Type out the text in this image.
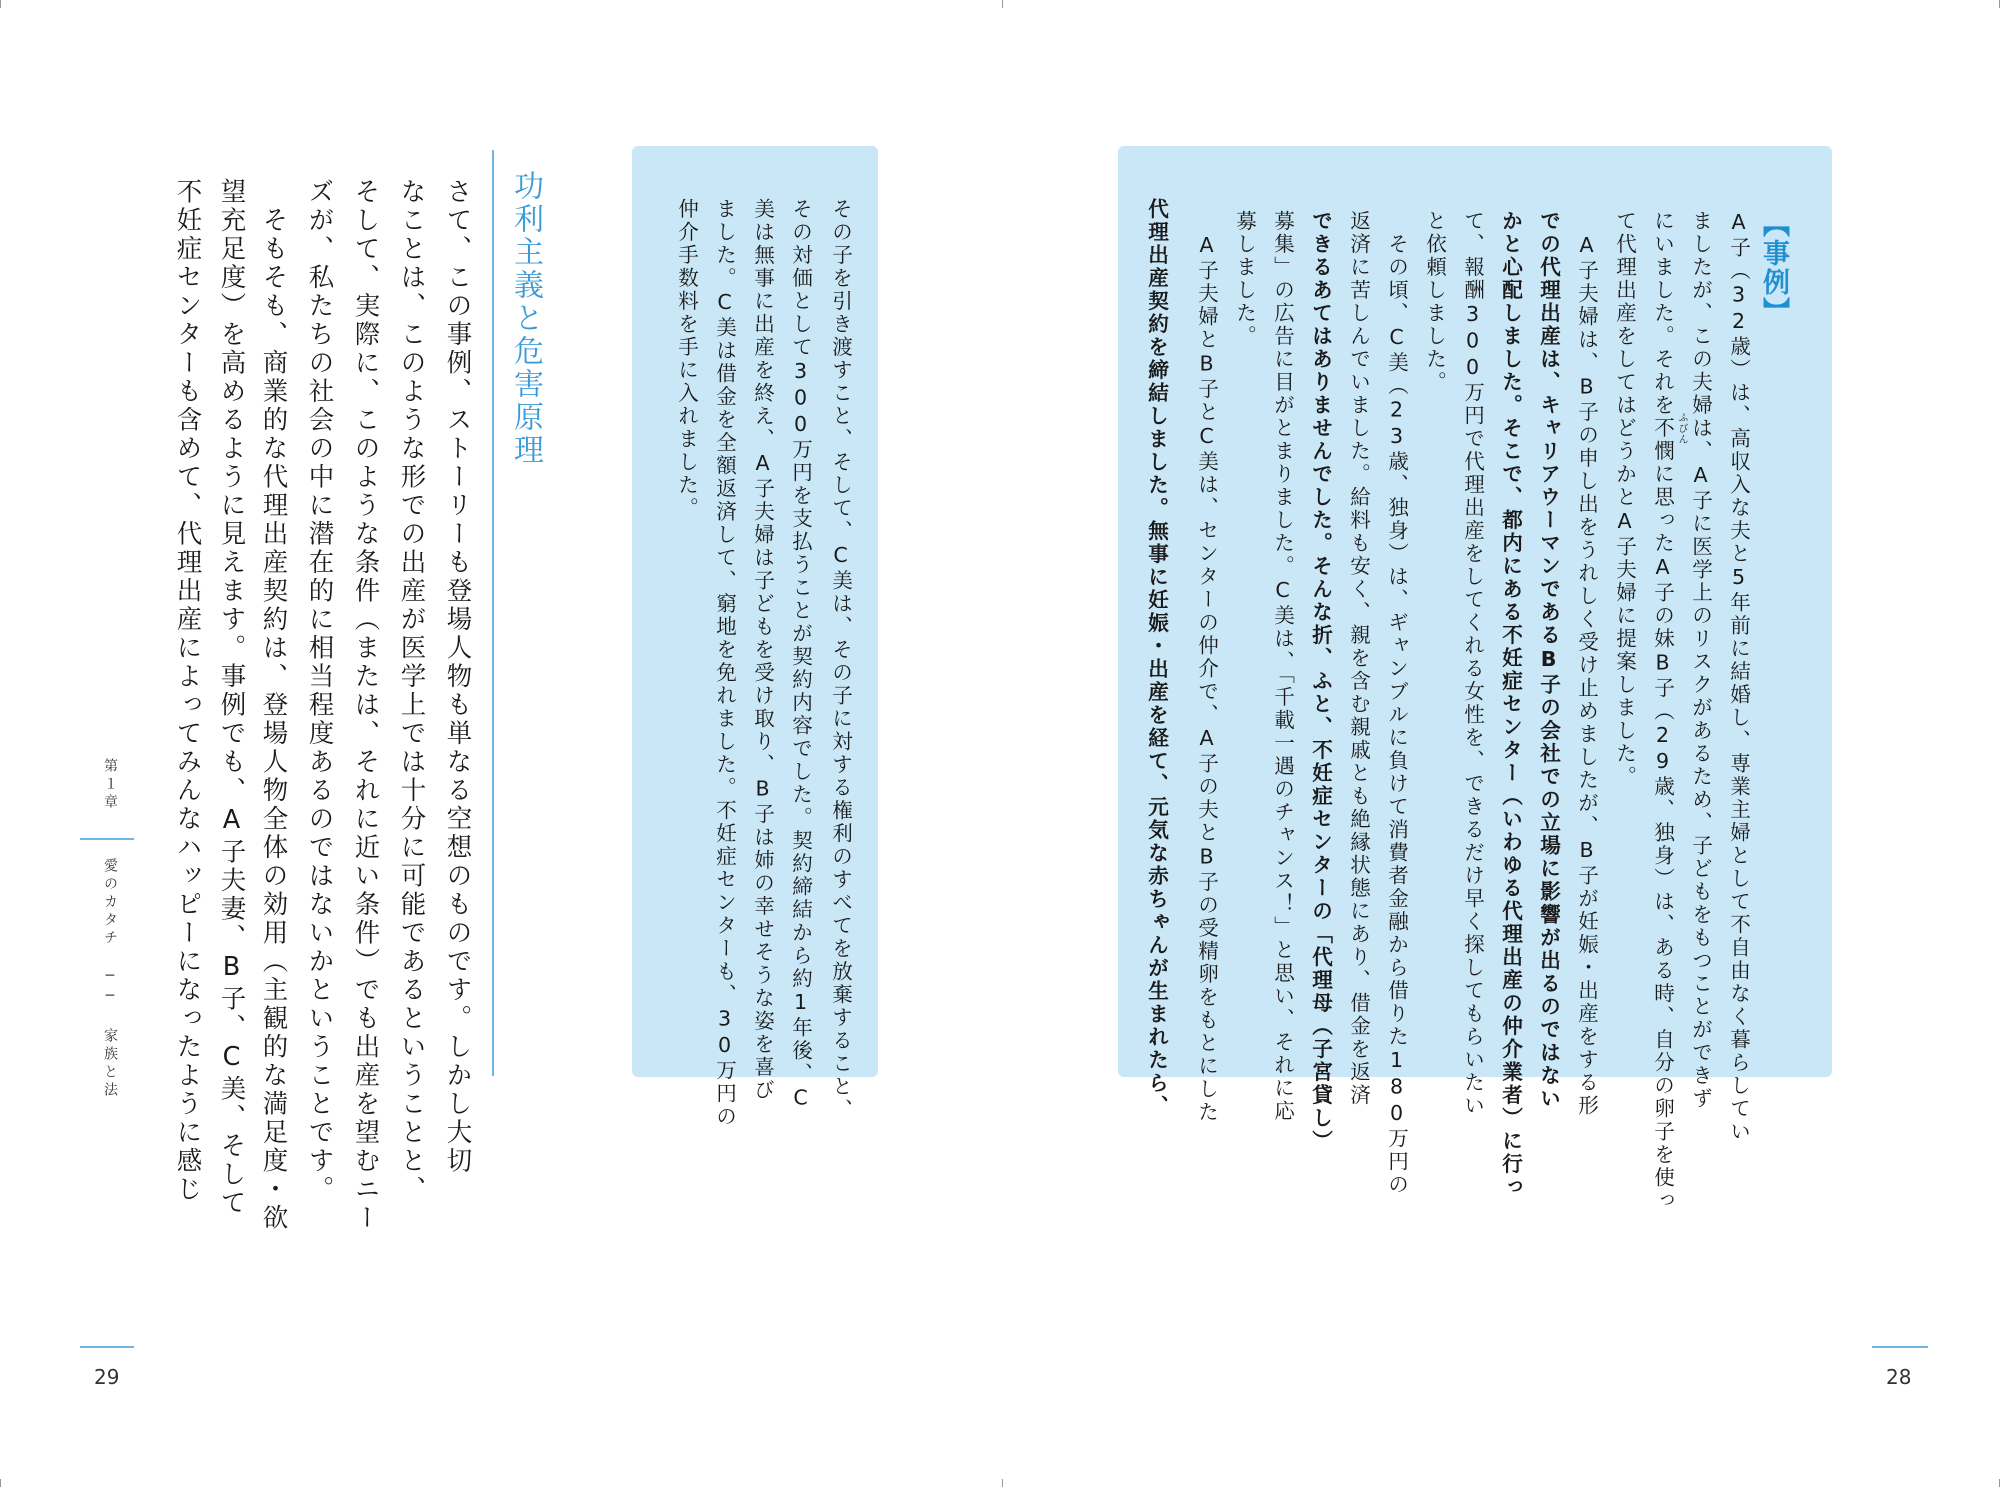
【事例】
A子（32歳）は、高収入な夫と5年前に結婚し、専業主婦として不自由なく暮らしてい
ましたが、この夫婦は、A子に医学上のリスクがあるため、子どもをもつことができず
にいました。それを不憫に思ったA子の妹B子（29歳、独身）は、ある時、自分の卵子を使っ ふびん
て代理出産をしてはどうかとA子夫婦に提案しました。
　A子夫婦は、B子の申し出をうれしく受け止めましたが、B子が妊娠・出産をする形
での代理出産は、キャリアウーマンであるB子の会社での立場に影響が出るのではない
かと心配しました。そこで、都内にある不妊症センター（いわゆる代理出産の仲介業者）に行っ
て、報酬300万円で代理出産をしてくれる女性を、できるだけ早く探してもらいたい
と依頼しました。
　その頃、C美（23歳、独身）は、ギャンブルに負けて消費者金融から借りた180万円の
返済に苦しんでいました。給料も安く、親を含む親戚とも絶縁状態にあり、借金を返済
できるあてはありませんでした。そんな折、ふと、不妊症センターの「代理母（子宮貸し）
募集」の広告に目がとまりました。C美は、「千載一遇のチャンス！」と思い、それに応
募しました。
　A子夫婦とB子とC美は、センターの仲介で、A子の夫とB子の受精卵をもとにした
代理出産契約を締結しました。無事に妊娠・出産を経て、元気な赤ちゃんが生まれたら、
28
その子を引き渡すこと、そして、C美は、その子に対する権利のすべてを放棄すること、
その対価として300万円を支払うことが契約内容でした。契約締結から約1年後、C
美は無事に出産を終え、A子夫婦は子どもを受け取り、B子は姉の幸せそうな姿を喜び
ました。C美は借金を全額返済して、窮地を免れました。不妊症センターも、30万円の
仲介手数料を手に入れました。
功利主義と危害原理
さて、この事例、ストーリーも登場人物も単なる空想のものです。しかし大切
なことは、このような形での出産が医学上では十分に可能であるということと、
そして、実際に、このような条件（または、それに近い条件）でも出産を望むニー
ズが、私たちの社会の中に潜在的に相当程度あるのではないかということです。
　そもそも、商業的な代理出産契約は、登場人物全体の効用（主観的な満足度・欲
望充足度）を高めるように見えます。事例でも、A子夫妻、B子、C美、そして
不妊症センターも含めて、代理出産によってみんなハッピーになったように感じ
第１章
愛のカタチ ── 家族と法
29
